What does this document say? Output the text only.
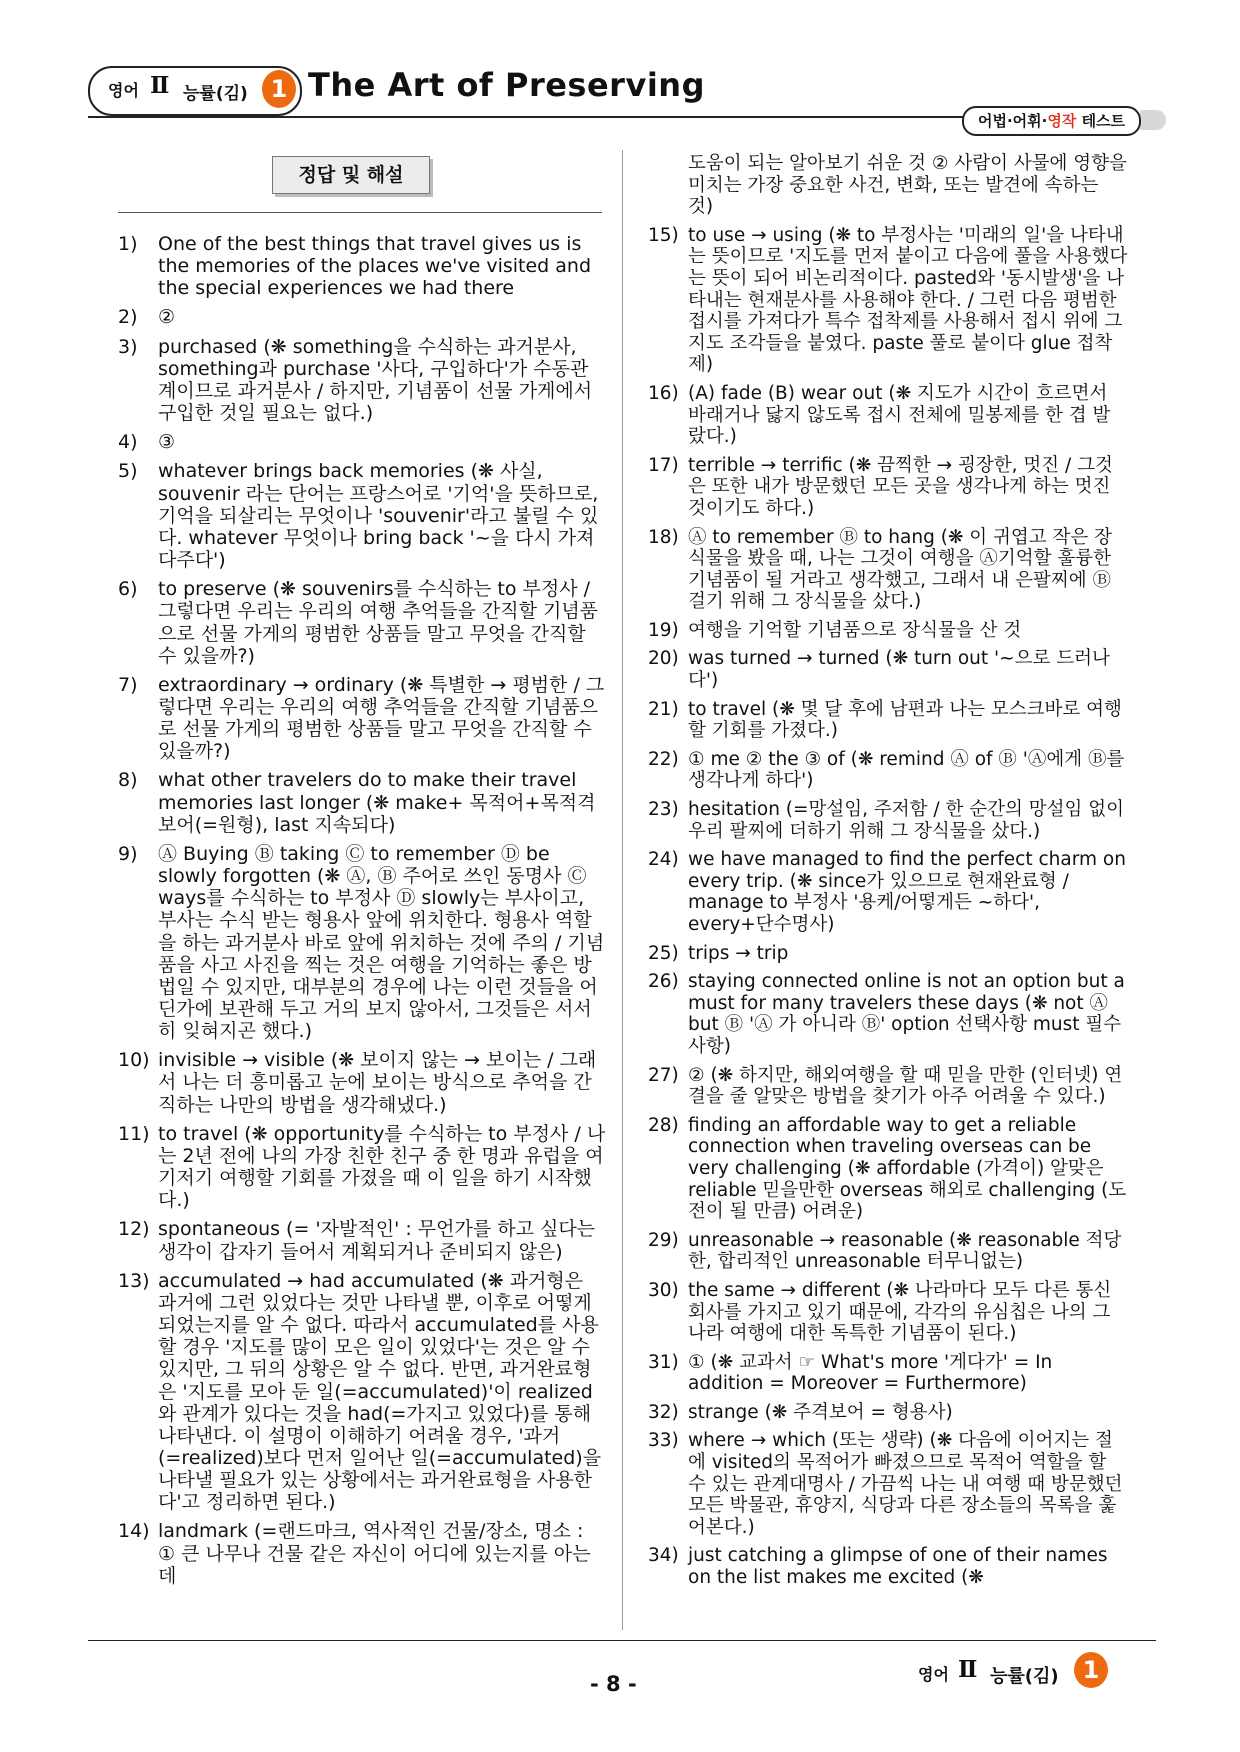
영어 Ⅱ 능률(김) 1 The Art of Preserving
어법·어휘·영작 테스트
정답 및 해설
1) One of the best things that travel gives us is the memories of the places we've visited and the special experiences we had there
2) ②
3) purchased (❋ something을 수식하는 과거분사, something과 purchase '사다, 구입하다'가 수동관계이므로 과거분사 / 하지만, 기념품이 선물 가게에서 구입한 것일 필요는 없다.)
4) ③
5) whatever brings back memories (❋ 사실, souvenir 라는 단어는 프랑스어로 '기억'을 뜻하므로, 기억을 되살리는 무엇이나 'souvenir'라고 불릴 수 있다. whatever 무엇이나 bring back '~을 다시 가져다주다')
6) to preserve (❋ souvenirs를 수식하는 to 부정사 / 그렇다면 우리는 우리의 여행 추억들을 간직할 기념품으로 선물 가게의 평범한 상품들 말고 무엇을 간직할 수 있을까?)
7) extraordinary → ordinary (❋ 특별한 → 평범한 / 그렇다면 우리는 우리의 여행 추억들을 간직할 기념품으로 선물 가게의 평범한 상품들 말고 무엇을 간직할 수 있을까?)
8) what other travelers do to make their travel memories last longer (❋ make+ 목적어+목적격보어(=원형), last 지속되다)
9) Ⓐ Buying Ⓑ taking Ⓒ to remember Ⓓ be slowly forgotten (❋ Ⓐ, Ⓑ 주어로 쓰인 동명사 Ⓒ ways를 수식하는 to 부정사 Ⓓ slowly는 부사이고, 부사는 수식 받는 형용사 앞에 위치한다. 형용사 역할을 하는 과거분사 바로 앞에 위치하는 것에 주의 / 기념품을 사고 사진을 찍는 것은 여행을 기억하는 좋은 방법일 수 있지만, 대부분의 경우에 나는 이런 것들을 어딘가에 보관해 두고 거의 보지 않아서, 그것들은 서서히 잊혀지곤 했다.)
10) invisible → visible (❋ 보이지 않는 → 보이는 / 그래서 나는 더 흥미롭고 눈에 보이는 방식으로 추억을 간직하는 나만의 방법을 생각해냈다.)
11) to travel (❋ opportunity를 수식하는 to 부정사 / 나는 2년 전에 나의 가장 친한 친구 중 한 명과 유럽을 여기저기 여행할 기회를 가졌을 때 이 일을 하기 시작했다.)
12) spontaneous (= '자발적인' : 무언가를 하고 싶다는 생각이 갑자기 들어서 계획되거나 준비되지 않은)
13) accumulated → had accumulated (❋ 과거형은 과거에 그런 있었다는 것만 나타낼 뿐, 이후로 어떻게 되었는지를 알 수 없다. 따라서 accumulated를 사용할 경우 '지도를 많이 모은 일이 있었다'는 것은 알 수 있지만, 그 뒤의 상황은 알 수 없다. 반면, 과거완료형은 '지도를 모아 둔 일(=accumulated)'이 realized와 관계가 있다는 것을 had(=가지고 있었다)를 통해 나타낸다. 이 설명이 이해하기 어려울 경우, '과거(=realized)보다 먼저 일어난 일(=accumulated)을 나타낼 필요가 있는 상황에서는 과거완료형을 사용한다'고 정리하면 된다.)
14) landmark (=랜드마크, 역사적인 건물/장소, 명소 : ① 큰 나무나 건물 같은 자신이 어디에 있는지를 아는데
도움이 되는 알아보기 쉬운 것 ② 사람이 사물에 영향을 미치는 가장 중요한 사건, 변화, 또는 발견에 속하는 것)
15) to use → using (❋ to 부정사는 '미래의 일'을 나타내는 뜻이므로 '지도를 먼저 붙이고 다음에 풀을 사용했다는 뜻이 되어 비논리적이다. pasted와 '동시발생'을 나타내는 현재분사를 사용해야 한다. / 그런 다음 평범한 접시를 가져다가 특수 접착제를 사용해서 접시 위에 그 지도 조각들을 붙였다. paste 풀로 붙이다 glue 접착제)
16) (A) fade (B) wear out (❋ 지도가 시간이 흐르면서 바래거나 닳지 않도록 접시 전체에 밀봉제를 한 겹 발랐다.)
17) terrible → terrific (❋ 끔찍한 → 굉장한, 멋진 / 그것은 또한 내가 방문했던 모든 곳을 생각나게 하는 멋진 것이기도 하다.)
18) Ⓐ to remember Ⓑ to hang (❋ 이 귀엽고 작은 장식물을 봤을 때, 나는 그것이 여행을 Ⓐ기억할 훌륭한 기념품이 될 거라고 생각했고, 그래서 내 은팔찌에 Ⓑ걸기 위해 그 장식물을 샀다.)
19) 여행을 기억할 기념품으로 장식물을 산 것
20) was turned → turned (❋ turn out '~으로 드러나다')
21) to travel (❋ 몇 달 후에 남편과 나는 모스크바로 여행할 기회를 가졌다.)
22) ① me ② the ③ of (❋ remind Ⓐ of Ⓑ 'Ⓐ에게 Ⓑ를 생각나게 하다')
23) hesitation (=망설임, 주저함 / 한 순간의 망설임 없이 우리 팔찌에 더하기 위해 그 장식물을 샀다.)
24) we have managed to find the perfect charm on every trip. (❋ since가 있으므로 현재완료형 / manage to 부정사 '용케/어떻게든 ~하다', every+단수명사)
25) trips → trip
26) staying connected online is not an option but a must for many travelers these days (❋ not Ⓐ but Ⓑ 'Ⓐ 가 아니라 Ⓑ' option 선택사항 must 필수사항)
27) ② (❋ 하지만, 해외여행을 할 때 믿을 만한 (인터넷) 연결을 줄 알맞은 방법을 찾기가 아주 어려울 수 있다.)
28) finding an affordable way to get a reliable connection when traveling overseas can be very challenging (❋ affordable (가격이) 알맞은 reliable 믿을만한 overseas 해외로 challenging (도전이 될 만큼) 어려운)
29) unreasonable → reasonable (❋ reasonable 적당한, 합리적인 unreasonable 터무니없는)
30) the same → different (❋ 나라마다 모두 다른 통신회사를 가지고 있기 때문에, 각각의 유심칩은 나의 그 나라 여행에 대한 독특한 기념품이 된다.)
31) ① (❋ 교과서 ☞ What's more '게다가' = In addition = Moreover = Furthermore)
32) strange (❋ 주격보어 = 형용사)
33) where → which (또는 생략) (❋ 다음에 이어지는 절에 visited의 목적어가 빠졌으므로 목적어 역할을 할 수 있는 관계대명사 / 가끔씩 나는 내 여행 때 방문했던 모든 박물관, 휴양지, 식당과 다른 장소들의 목록을 훑어본다.)
34) just catching a glimpse of one of their names on the list makes me excited (❋
- 8 -	영어 Ⅱ 능률(김)	1
